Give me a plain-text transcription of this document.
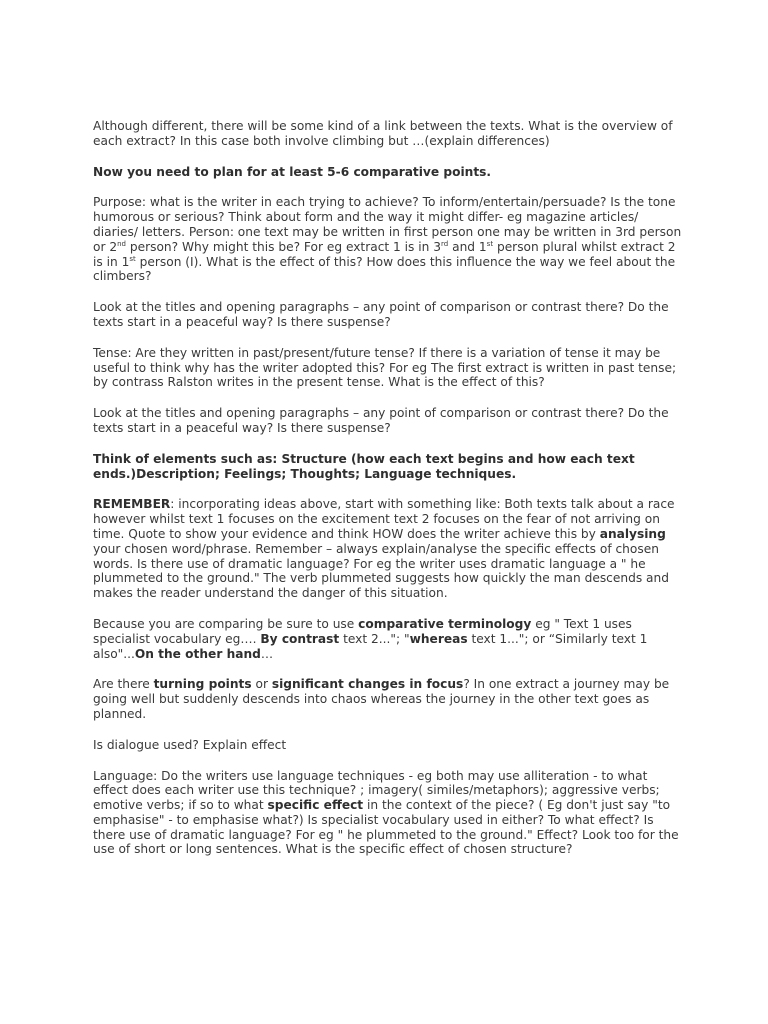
Although different, there will be some kind of a link between the texts. What is the overview of each extract? In this case both involve climbing but …(explain differences)

Now you need to plan for at least 5-6 comparative points.

Purpose: what is the writer in each trying to achieve? To inform/entertain/persuade? Is the tone humorous or serious? Think about form and the way it might differ- eg magazine articles/ diaries/ letters. Person: one text may be written in first person one may be written in 3rd person or 2nd person? Why might this be? For eg extract 1 is in 3rd and 1st person plural whilst extract 2 is in 1st person (I). What is the effect of this? How does this influence the way we feel about the climbers?

Look at the titles and opening paragraphs – any point of comparison or contrast there? Do the texts start in a peaceful way? Is there suspense?

Tense: Are they written in past/present/future tense? If there is a variation of tense it may be useful to think why has the writer adopted this? For eg The first extract is written in past tense; by contrass Ralston writes in the present tense. What is the effect of this?

Look at the titles and opening paragraphs – any point of comparison or contrast there? Do the texts start in a peaceful way? Is there suspense?

Think of elements such as: Structure (how each text begins and how each text ends.)Description; Feelings; Thoughts; Language techniques.

REMEMBER: incorporating ideas above, start with something like: Both texts talk about a race however whilst text 1 focuses on the excitement text 2 focuses on the fear of not arriving on time. Quote to show your evidence and think HOW does the writer achieve this by analysing your chosen word/phrase. Remember – always explain/analyse the specific effects of chosen words. Is there use of dramatic language? For eg the writer uses dramatic language a " he plummeted to the ground." The verb plummeted suggests how quickly the man descends and makes the reader understand the danger of this situation.

Because you are comparing be sure to use comparative terminology eg " Text 1 uses specialist vocabulary eg…. By contrast text 2..."; "whereas text 1..."; or “Similarly text 1 also"...On the other hand…

Are there turning points or significant changes in focus? In one extract a journey may be going well but suddenly descends into chaos whereas the journey in the other text goes as planned.

Is dialogue used? Explain effect

Language: Do the writers use language techniques - eg both may use alliteration - to what effect does each writer use this technique? ; imagery( similes/metaphors); aggressive verbs; emotive verbs; if so to what specific effect in the context of the piece? ( Eg don't just say "to emphasise" - to emphasise what?) Is specialist vocabulary used in either? To what effect? Is there use of dramatic language? For eg " he plummeted to the ground." Effect? Look too for the use of short or long sentences. What is the specific effect of chosen structure?
